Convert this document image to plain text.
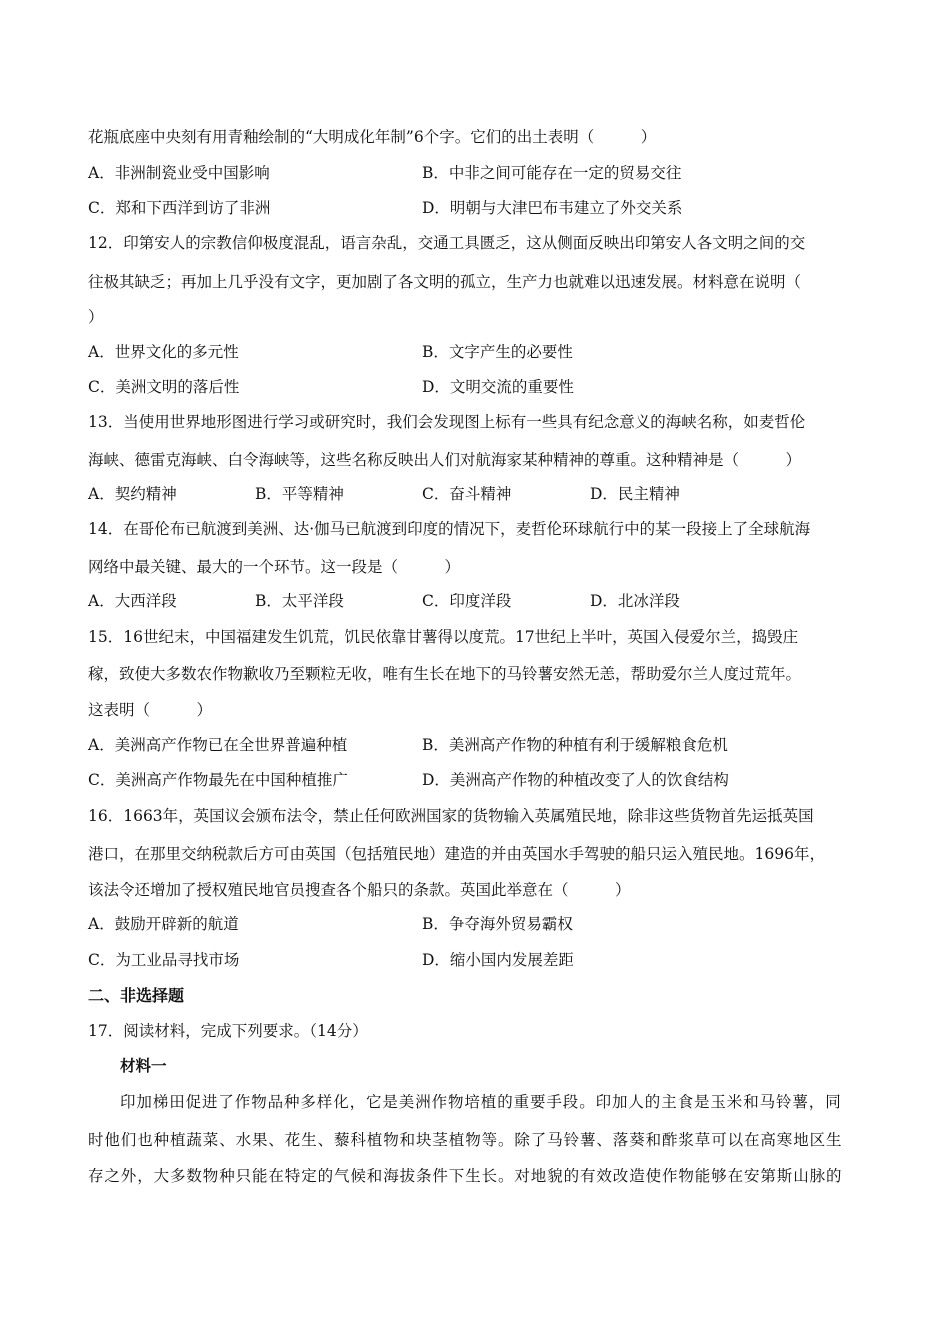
花瓶底座中央刻有用青釉绘制的“大明成化年制”6个字。它们的出土表明（　　　）
A．非洲制瓷业受中国影响	B．中非之间可能存在一定的贸易交往
C．郑和下西洋到访了非洲	D．明朝与大津巴布韦建立了外交关系
12．印第安人的宗教信仰极度混乱，语言杂乱，交通工具匮乏，这从侧面反映出印第安人各文明之间的交
往极其缺乏；再加上几乎没有文字，更加剧了各文明的孤立，生产力也就难以迅速发展。材料意在说明（
）
A．世界文化的多元性	B．文字产生的必要性
C．美洲文明的落后性	D．文明交流的重要性
13．当使用世界地形图进行学习或研究时，我们会发现图上标有一些具有纪念意义的海峡名称，如麦哲伦
海峡、德雷克海峡、白令海峡等，这些名称反映出人们对航海家某种精神的尊重。这种精神是（　　　）
A．契约精神	B．平等精神	C．奋斗精神	D．民主精神
14．在哥伦布已航渡到美洲、达·伽马已航渡到印度的情况下，麦哲伦环球航行中的某一段接上了全球航海
网络中最关键、最大的一个环节。这一段是（　　　）
A．大西洋段	B．太平洋段	C．印度洋段	D．北冰洋段
15．16世纪末，中国福建发生饥荒，饥民依靠甘薯得以度荒。17世纪上半叶，英国入侵爱尔兰，捣毁庄
稼，致使大多数农作物歉收乃至颗粒无收，唯有生长在地下的马铃薯安然无恙，帮助爱尔兰人度过荒年。
这表明（　　　）
A．美洲高产作物已在全世界普遍种植	B．美洲高产作物的种植有利于缓解粮食危机
C．美洲高产作物最先在中国种植推广	D．美洲高产作物的种植改变了人的饮食结构
16．1663年，英国议会颁布法令，禁止任何欧洲国家的货物输入英属殖民地，除非这些货物首先运抵英国
港口，在那里交纳税款后方可由英国（包括殖民地）建造的并由英国水手驾驶的船只运入殖民地。1696年，
该法令还增加了授权殖民地官员搜查各个船只的条款。英国此举意在（　　　）
A．鼓励开辟新的航道	B．争夺海外贸易霸权
C．为工业品寻找市场	D．缩小国内发展差距
二、非选择题
17．阅读材料，完成下列要求。（14分）
材料一
印加梯田促进了作物品种多样化，它是美洲作物培植的重要手段。印加人的主食是玉米和马铃薯，同
时他们也种植蔬菜、水果、花生、藜科植物和块茎植物等。除了马铃薯、落葵和酢浆草可以在高寒地区生
存之外，大多数物种只能在特定的气候和海拔条件下生长。对地貌的有效改造使作物能够在安第斯山脉的
